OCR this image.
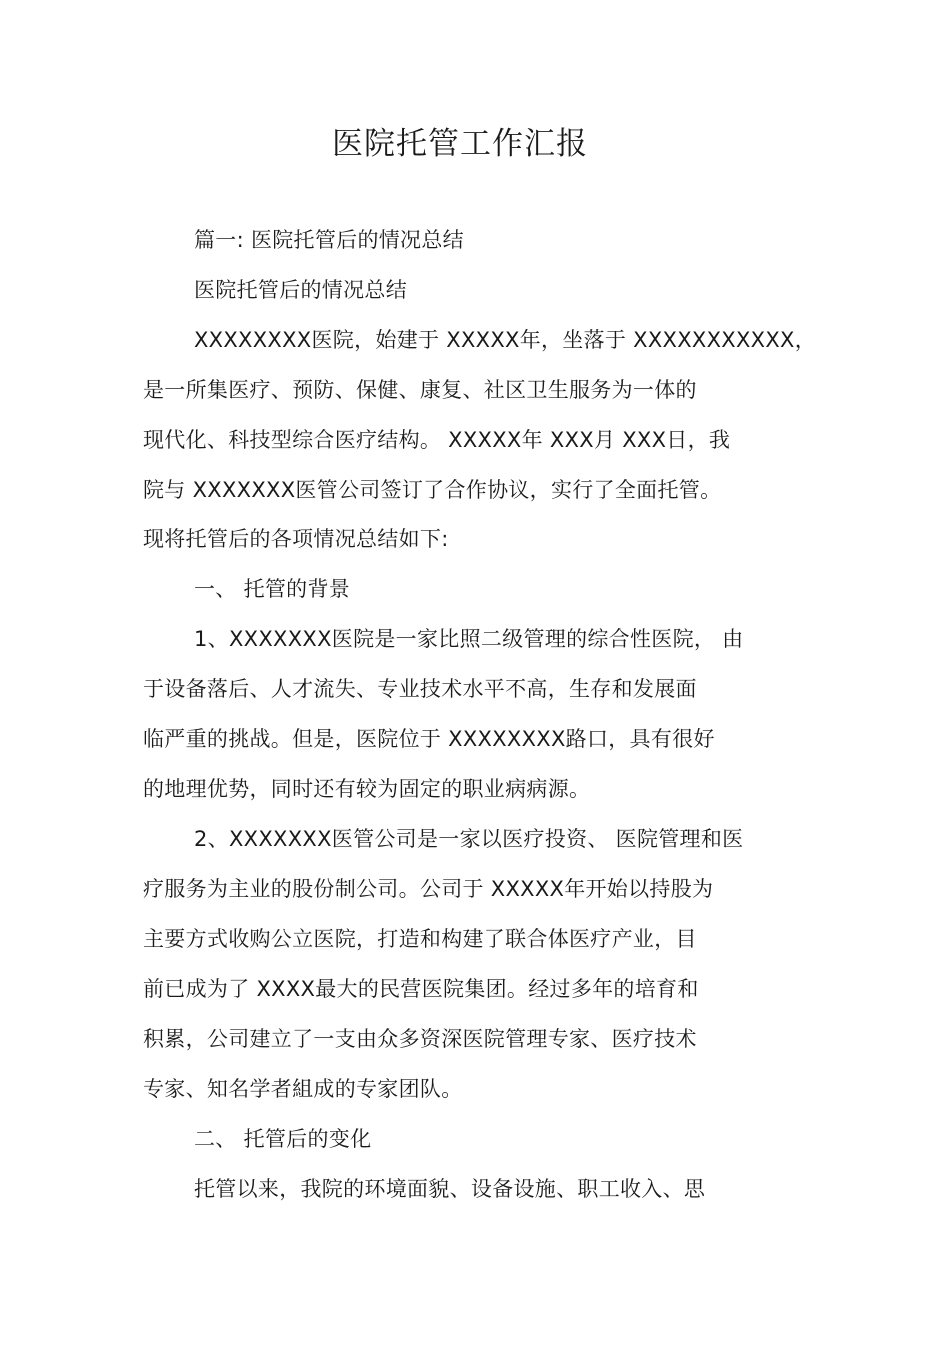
医院托管工作汇报
篇一: 医院托管后的情况总结
医院托管后的情况总结
XXXXXXXX医院，始建于 XXXXX年，坐落于 XXXXXXXXXXX，
是一所集医疗、预防、保健、康复、社区卫生服务为一体的
现代化、科技型综合医疗结构。 XXXXX年 XXX月 XXX日，我
院与 XXXXXXX医管公司签订了合作协议，实行了全面托管。
现将托管后的各项情况总结如下:
一、 托管的背景
1、XXXXXXX医院是一家比照二级管理的综合性医院， 由
于设备落后、人才流失、专业技术水平不高，生存和发展面
临严重的挑战。但是，医院位于 XXXXXXXX路口，具有很好
的地理优势，同时还有较为固定的职业病病源。
2、XXXXXXX医管公司是一家以医疗投资、 医院管理和医
疗服务为主业的股份制公司。公司于 XXXXX年开始以持股为
主要方式收购公立医院，打造和构建了联合体医疗产业，目
前已成为了 XXXX最大的民营医院集团。经过多年的培育和
积累，公司建立了一支由众多资深医院管理专家、医疗技术
专家、知名学者組成的专家团队。
二、 托管后的变化
托管以来，我院的环境面貌、设备设施、职工收入、思
